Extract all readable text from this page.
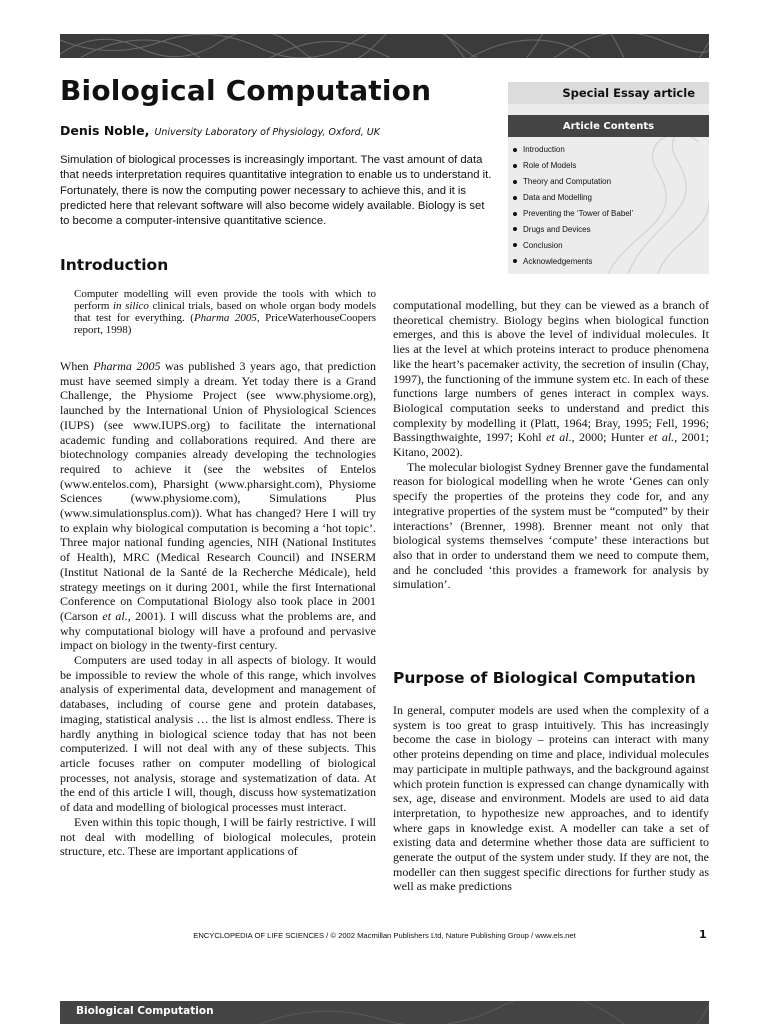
Biological Computation
Denis Noble, University Laboratory of Physiology, Oxford, UK

Simulation of biological processes is increasingly important. The vast amount of data that needs interpretation requires quantitative integration to enable us to understand it. Fortunately, there is now the computing power necessary to achieve this, and it is predicted here that relevant software will also become widely available. Biology is set to become a computer-intensive quantitative science.

Special Essay article
Article Contents
Introduction
Role of Models
Theory and Computation
Data and Modelling
Preventing the ‘Tower of Babel’
Drugs and Devices
Conclusion
Acknowledgements
Introduction

Computer modelling will even provide the tools with which to perform in silico clinical trials, based on whole organ body models that test for everything. (Pharma 2005, PriceWaterhouseCoopers report, 1998)

When Pharma 2005 was published 3 years ago, that prediction must have seemed simply a dream. Yet today there is a Grand Challenge, the Physiome Project (see www.physiome.org), launched by the International Union of Physiological Sciences (IUPS) (see www.IUPS.org) to facilitate the international academic funding and collaborations required. And there are biotechnology companies already developing the technologies required to achieve it (see the websites of Entelos (www.entelos.com), Pharsight (www.pharsight.com), Physiome Sciences (www.physiome.com), Simulations Plus (www.simulationsplus.com)). What has changed? Here I will try to explain why biological computation is becoming a ‘hot topic’. Three major national funding agencies, NIH (National Institutes of Health), MRC (Medical Research Council) and INSERM (Institut National de la Santé de la Recherche Médicale), held strategy meetings on it during 2001, while the first International Conference on Computational Biology also took place in 2001 (Carson et al., 2001). I will discuss what the problems are, and why computational biology will have a profound and pervasive impact on biology in the twenty-first century.

Computers are used today in all aspects of biology. It would be impossible to review the whole of this range, which involves analysis of experimental data, development and management of databases, including of course gene and protein databases, imaging, statistical analysis … the list is almost endless. There is hardly anything in biological science today that has not been computerized. I will not deal with any of these subjects. This article focuses rather on computer modelling of biological processes, not analysis, storage and systematization of data. At the end of this article I will, though, discuss how systematization of data and modelling of biological processes must interact.

Even within this topic though, I will be fairly restrictive. I will not deal with modelling of biological molecules, protein structure, etc. These are important applications of

computational modelling, but they can be viewed as a branch of theoretical chemistry. Biology begins when biological function emerges, and this is above the level of individual molecules. It lies at the level at which proteins interact to produce phenomena like the heart’s pacemaker activity, the secretion of insulin (Chay, 1997), the functioning of the immune system etc. In each of these functions large numbers of genes interact in complex ways. Biological computation seeks to understand and predict this complexity by modelling it (Platt, 1964; Bray, 1995; Fell, 1996; Bassingthwaighte, 1997; Kohl et al., 2000; Hunter et al., 2001; Kitano, 2002).

The molecular biologist Sydney Brenner gave the fundamental reason for biological modelling when he wrote ‘Genes can only specify the properties of the proteins they code for, and any integrative properties of the system must be “computed” by their interactions’ (Brenner, 1998). Brenner meant not only that biological systems themselves ‘compute’ these interactions but also that in order to understand them we need to compute them, and he concluded ‘this provides a framework for analysis by simulation’.

Purpose of Biological Computation

In general, computer models are used when the complexity of a system is too great to grasp intuitively. This has increasingly become the case in biology – proteins can interact with many other proteins depending on time and place, individual molecules may participate in multiple pathways, and the background against which protein function is expressed can change dynamically with sex, age, disease and environment. Models are used to aid data interpretation, to hypothesize new approaches, and to identify where gaps in knowledge exist. A modeller can take a set of existing data and determine whether those data are sufficient to generate the output of the system under study. If they are not, the modeller can then suggest specific directions for further study as well as make predictions

ENCYCLOPEDIA OF LIFE SCIENCES / © 2002 Macmillan Publishers Ltd, Nature Publishing Group / www.els.net	1
Biological Computation
